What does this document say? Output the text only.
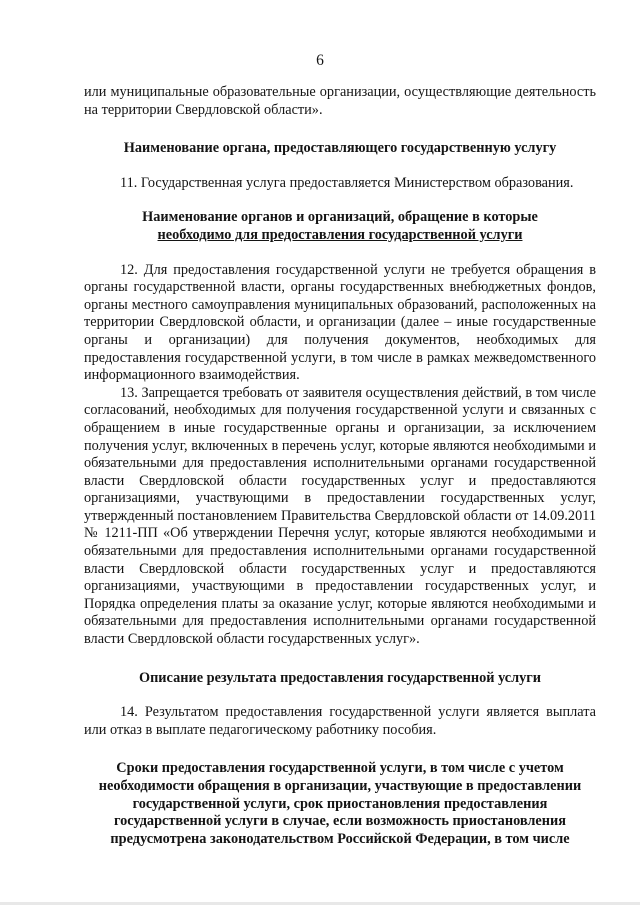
6

или муниципальные образовательные организации, осуществляющие деятельность на территории Свердловской области».

Наименование органа, предоставляющего государственную услугу

11. Государственная услуга предоставляется Министерством образования.

Наименование органов и организаций, обращение в которые

необходимо для предоставления государственной услуги

12. Для предоставления государственной услуги не требуется обращения в органы государственной власти, органы государственных внебюджетных фондов, органы местного самоуправления муниципальных образований, расположенных на территории Свердловской области, и организации (далее – иные государственные органы и организации) для получения документов, необходимых для предоставления государственной услуги, в том числе в рамках межведомственного информационного взаимодействия.

13. Запрещается требовать от заявителя осуществления действий, в том числе согласований, необходимых для получения государственной услуги и связанных с обращением в иные государственные органы и организации, за исключением получения услуг, включенных в перечень услуг, которые являются необходимыми и обязательными для предоставления исполнительными органами государственной власти Свердловской области государственных услуг и предоставляются организациями, участвующими в предоставлении государственных услуг, утвержденный постановлением Правительства Свердловской области от 14.09.2011 № 1211-ПП «Об утверждении Перечня услуг, которые являются необходимыми и обязательными для предоставления исполнительными органами государственной власти Свердловской области государственных услуг и предоставляются организациями, участвующими в предоставлении государственных услуг, и Порядка определения платы за оказание услуг, которые являются необходимыми и обязательными для предоставления исполнительными органами государственной власти Свердловской области государственных услуг».

Описание результата предоставления государственной услуги

14. Результатом предоставления государственной услуги является выплата или отказ в выплате педагогическому работнику пособия.

Сроки предоставления государственной услуги, в том числе с учетом

необходимости обращения в организации, участвующие в предоставлении

государственной услуги, срок приостановления предоставления

государственной услуги в случае, если возможность приостановления

предусмотрена законодательством Российской Федерации, в том числе
